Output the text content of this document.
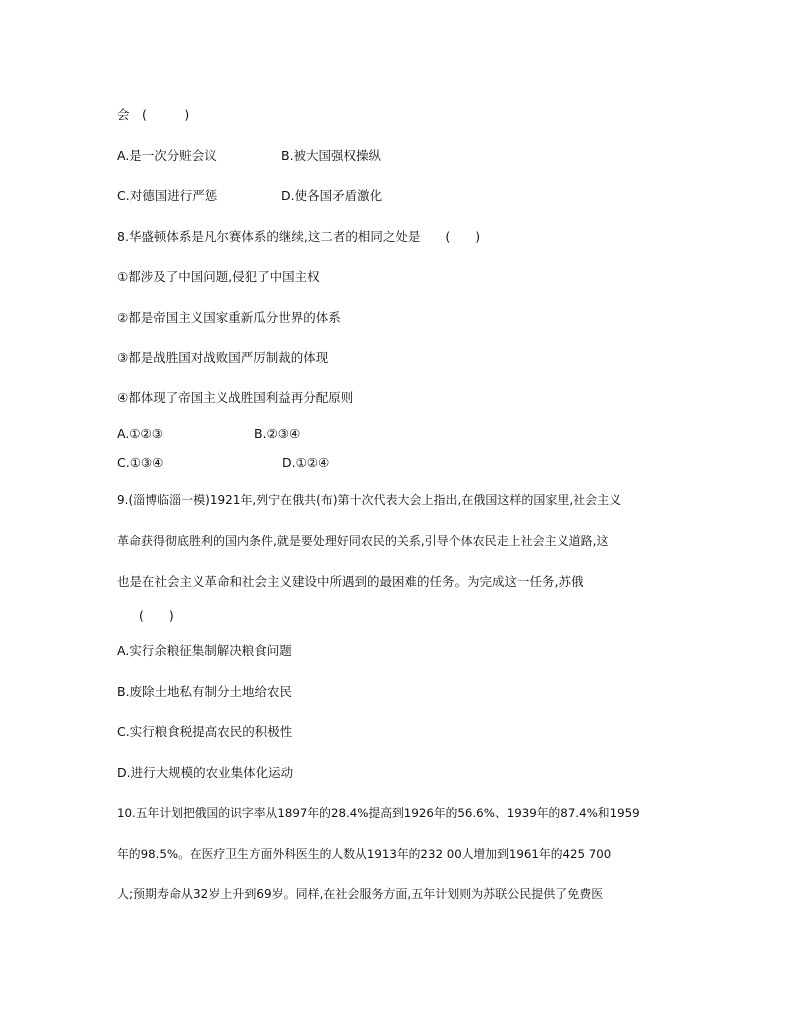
会　(　　　)
A.是一次分赃会议	B.被大国强权操纵
C.对德国进行严惩	D.使各国矛盾激化
8.华盛顿体系是凡尔赛体系的继续,这二者的相同之处是　　(　　)
①都涉及了中国问题,侵犯了中国主权
②都是帝国主义国家重新瓜分世界的体系
③都是战胜国对战败国严厉制裁的体现
④都体现了帝国主义战胜国利益再分配原则
A.①②③	B.②③④
C.①③④	D.①②④
9.(淄博临淄一模)1921年,列宁在俄共(布)第十次代表大会上指出,在俄国这样的国家里,社会主义
革命获得彻底胜利的国内条件,就是要处理好同农民的关系,引导个体农民走上社会主义道路,这
也是在社会主义革命和社会主义建设中所遇到的最困难的任务。为完成这一任务,苏俄
(　　)
A.实行余粮征集制解决粮食问题
B.废除土地私有制分土地给农民
C.实行粮食税提高农民的积极性
D.进行大规模的农业集体化运动
10.五年计划把俄国的识字率从1897年的28.4%提高到1926年的56.6%、1939年的87.4%和1959
年的98.5%。在医疗卫生方面外科医生的人数从1913年的232 00人增加到1961年的425 700
人;预期寿命从32岁上升到69岁。同样,在社会服务方面,五年计划则为苏联公民提供了免费医
